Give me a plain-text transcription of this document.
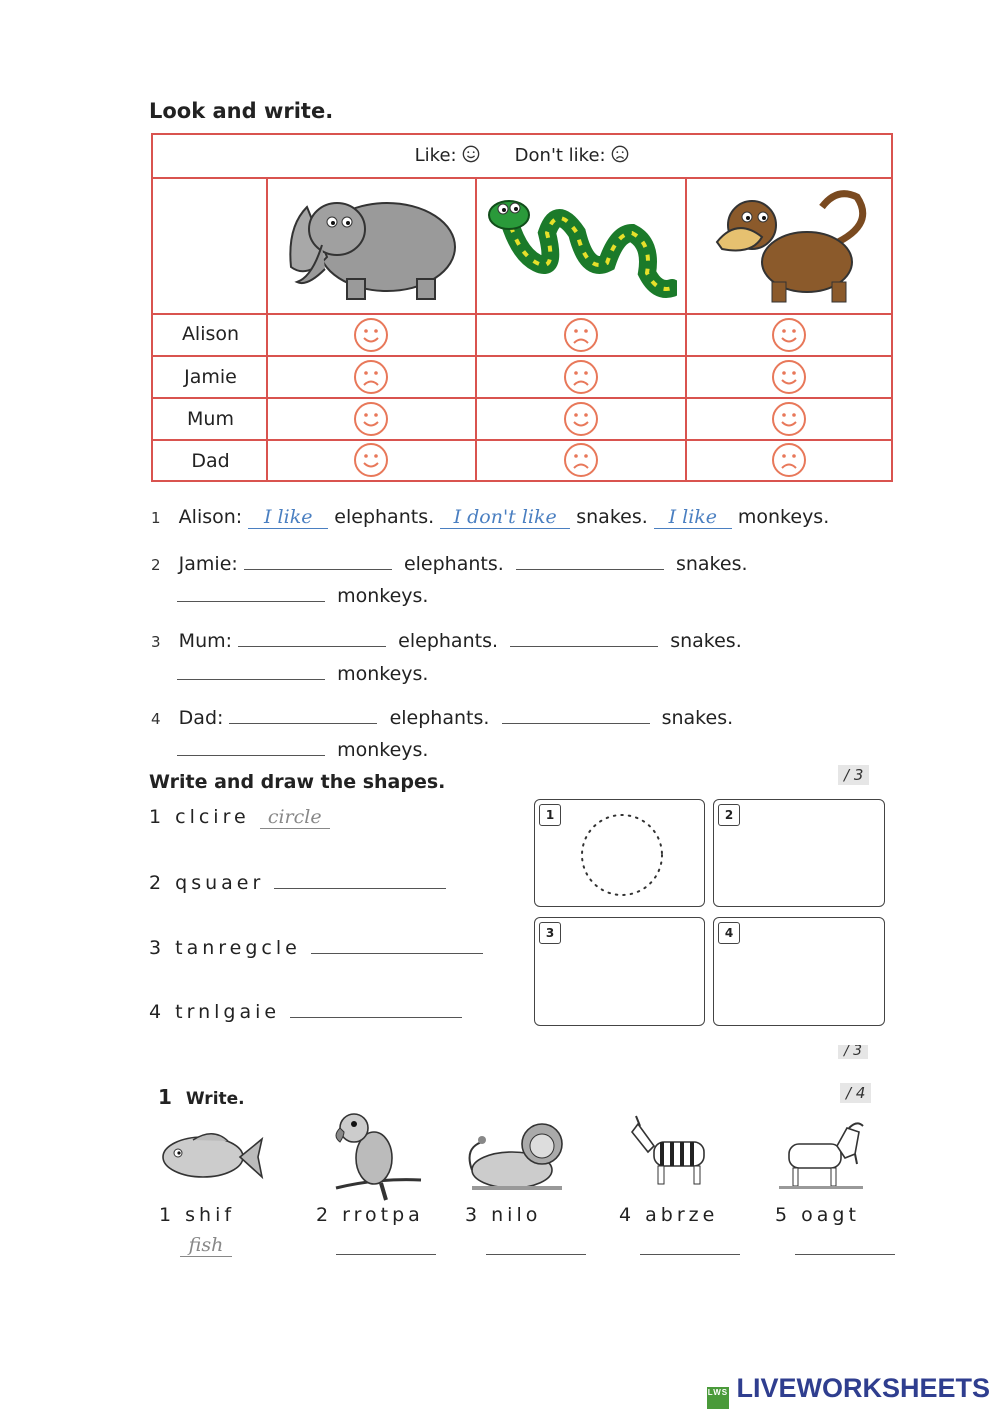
Look and write.
Like:	Don't like:
Alison
Jamie
Mum
Dad
1 Alison: I like elephants. I don't like snakes. I like monkeys.
2 Jamie:	elephants.	snakes.
monkeys.
3 Mum:	elephants.	snakes.
monkeys.
4 Dad:	elephants.	snakes.
monkeys.
/ 3
Write and draw the shapes.
1 clcire circle
2 qsuaer
3 tanregcle
4 trnlgaie
1	2
3	4
/ 3
1 Write.	/ 4
1 shif	2 rrotpa 3 nilo	4 abrze	5 oagt
fish
LWS LIVEWORKSHEETS
